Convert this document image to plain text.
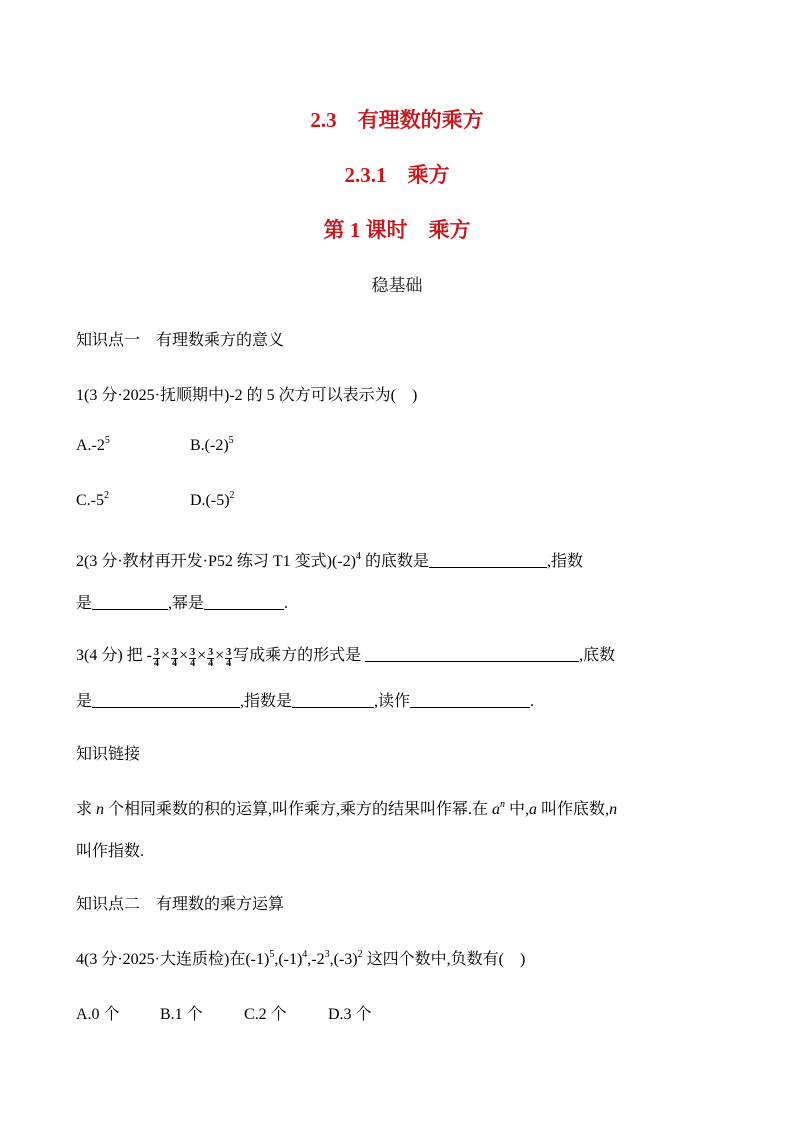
2.3　有理数的乘方
2.3.1　乘方
第 1 课时　乘方
稳基础
知识点一　有理数乘方的意义
1(3 分·2025·抚顺期中)-2 的 5 次方可以表示为(　)
$A.-2^5$	$B.(-2)^5$
$C.-5^2$	$D.(-5)^2$
2(3 分·教材再开发·P52 练习 T1 变式)$(-2)^4$ 的底数是	,指数
是	,幂是	.
3(4 分) 把 - $\frac{3}{4} \times \frac{3}{4} \times \frac{3}{4} \times \frac{3}{4} \times \frac{3}{4}$ 写成乘方的形式是	,底数
是	,指数是	,读作	.
知识链接
求 n 个相同乘数的积的运算,叫作乘方,乘方的结果叫作幂.在 $a^n$ 中,a 叫作底数,n
叫作指数.
知识点二　有理数的乘方运算
4(3 分·2025·大连质检)在$(-1)^5,(-1)^4,-2^3,(-3)^2$ 这四个数中,负数有(　)
A.0 个	B.1 个	C.2 个	D.3 个
